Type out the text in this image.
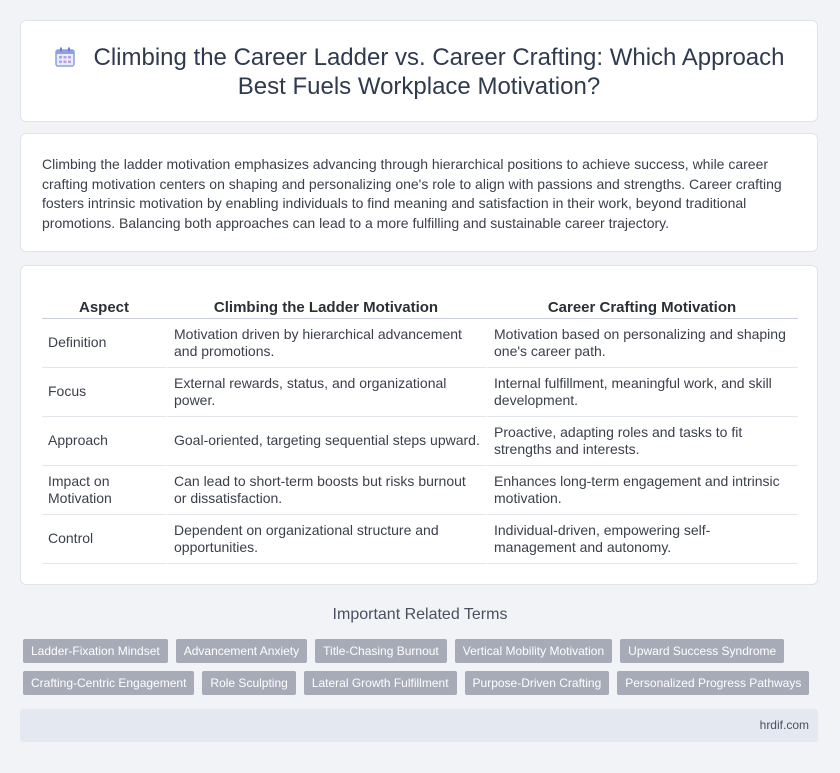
Climbing the Career Ladder vs. Career Crafting: Which Approach Best Fuels Workplace Motivation?
Climbing the ladder motivation emphasizes advancing through hierarchical positions to achieve success, while career crafting motivation centers on shaping and personalizing one's role to align with passions and strengths. Career crafting fosters intrinsic motivation by enabling individuals to find meaning and satisfaction in their work, beyond traditional promotions. Balancing both approaches can lead to a more fulfilling and sustainable career trajectory.
Aspect	Climbing the Ladder Motivation	Career Crafting Motivation
Definition	Motivation driven by hierarchical advancement and promotions.	Motivation based on personalizing and shaping one's career path.
Focus	External rewards, status, and organizational power.	Internal fulfillment, meaningful work, and skill development.
Approach	Goal-oriented, targeting sequential steps upward.	Proactive, adapting roles and tasks to fit strengths and interests.
Impact on Motivation	Can lead to short-term boosts but risks burnout or dissatisfaction.	Enhances long-term engagement and intrinsic motivation.
Control	Dependent on organizational structure and opportunities.	Individual-driven, empowering self-management and autonomy.
Important Related Terms
Ladder-Fixation Mindset	Advancement Anxiety	Title-Chasing Burnout	Vertical Mobility Motivation	Upward Success Syndrome
Crafting-Centric Engagement	Role Sculpting	Lateral Growth Fulfillment	Purpose-Driven Crafting	Personalized Progress Pathways
hrdif.com
